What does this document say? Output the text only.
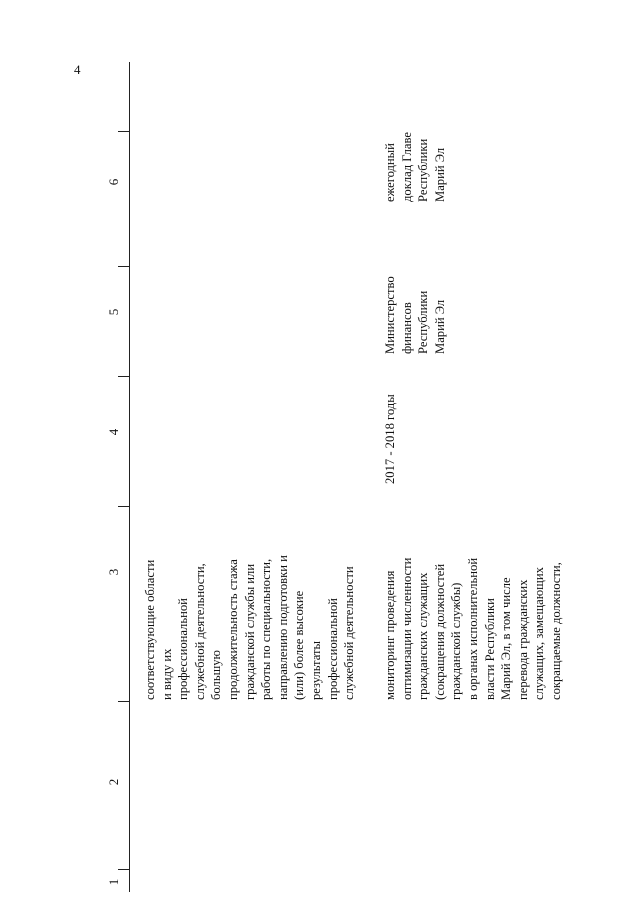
4
1
2
3
4
5
6
соответствующие области и виду их профессиональной служебной деятельности, большую продолжительность стажа гражданской службы или работы по специальности, направлению подготовки и (или) более высокие результаты профессиональной служебной деятельности мониторинг проведения оптимизации численности гражданских служащих (сокращения должностей гражданской службы) в органах исполнительной власти Республики Марий Эл, в том числе перевода гражданских служащих, замещающих сокращаемые должности,
2017 - 2018 годы
Министерство финансов Республики Марий Эл
ежегодный доклад Главе Республики Марий Эл
